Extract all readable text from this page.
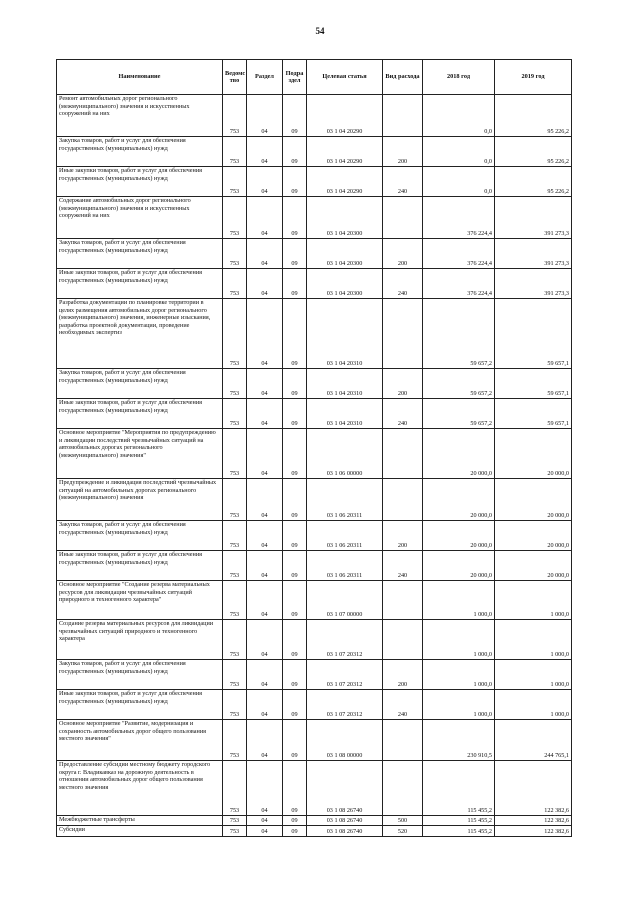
54
Наименование	Ведомс тво	Раздел	Подра здел	Целевая статья	Вид расхода	2018 год	2019 год
Ремонт автомобильных дорог регионального (межмуниципального) значения и искусственных сооружений на них	753	04	09	03 1 04 20290		0,0	95 226,2
Закупка товаров, работ и услуг для обеспечения государственных (муниципальных) нужд	753	04	09	03 1 04 20290	200	0,0	95 226,2
Иные закупки товаров, работ и услуг для обеспечения государственных (муниципальных) нужд	753	04	09	03 1 04 20290	240	0,0	95 226,2
Содержание автомобильных дорог регионального (межмуниципального) значения и искусственных сооружений на них	753	04	09	03 1 04 20300		376 224,4	391 273,3
Закупка товаров, работ и услуг для обеспечения государственных (муниципальных) нужд	753	04	09	03 1 04 20300	200	376 224,4	391 273,3
Иные закупки товаров, работ и услуг для обеспечения государственных (муниципальных) нужд	753	04	09	03 1 04 20300	240	376 224,4	391 273,3
Разработка документации по планировке территории в целях размещения автомобильных дорог регионального (межмуниципального) значения, инженерные изыскания, разработка проектной документации, проведение необходимых экспертиз	753	04	09	03 1 04 20310		59 657,2	59 657,1
Закупка товаров, работ и услуг для обеспечения государственных (муниципальных) нужд	753	04	09	03 1 04 20310	200	59 657,2	59 657,1
Иные закупки товаров, работ и услуг для обеспечения государственных (муниципальных) нужд	753	04	09	03 1 04 20310	240	59 657,2	59 657,1
Основное мероприятие "Мероприятия по предупреждению и ликвидации последствий чрезвычайных ситуаций на автомобильных дорогах регионального (межмуниципального) значения"	753	04	09	03 1 06 00000		20 000,0	20 000,0
Предупреждение и ликвидация последствий чрезвычайных ситуаций на автомобильных дорогах регионального (межмуниципального) значения	753	04	09	03 1 06 20311		20 000,0	20 000,0
Закупка товаров, работ и услуг для обеспечения государственных (муниципальных) нужд	753	04	09	03 1 06 20311	200	20 000,0	20 000,0
Иные закупки товаров, работ и услуг для обеспечения государственных (муниципальных) нужд	753	04	09	03 1 06 20311	240	20 000,0	20 000,0
Основное мероприятие "Создание резерва материальных ресурсов для ликвидации чрезвычайных ситуаций природного и техногенного характера"	753	04	09	03 1 07 00000		1 000,0	1 000,0
Создание резерва материальных ресурсов для ликвидации чрезвычайных ситуаций природного и техногенного характера	753	04	09	03 1 07 20312		1 000,0	1 000,0
Закупка товаров, работ и услуг для обеспечения государственных (муниципальных) нужд	753	04	09	03 1 07 20312	200	1 000,0	1 000,0
Иные закупки товаров, работ и услуг для обеспечения государственных (муниципальных) нужд	753	04	09	03 1 07 20312	240	1 000,0	1 000,0
Основное мероприятие "Развитие, модернизация и сохранность автомобильных дорог общего пользования местного значения"	753	04	09	03 1 08 00000		230 910,5	244 765,1
Предоставление субсидии местному бюджету городского округа г. Владикавказ на дорожную деятельность в отношении автомобильных дорог общего пользования местного значения	753	04	09	03 1 08 26740		115 455,2	122 382,6
Межбюджетные трансферты	753	04	09	03 1 08 26740	500	115 455,2	122 382,6
Субсидии	753	04	09	03 1 08 26740	520	115 455,2	122 382,6
